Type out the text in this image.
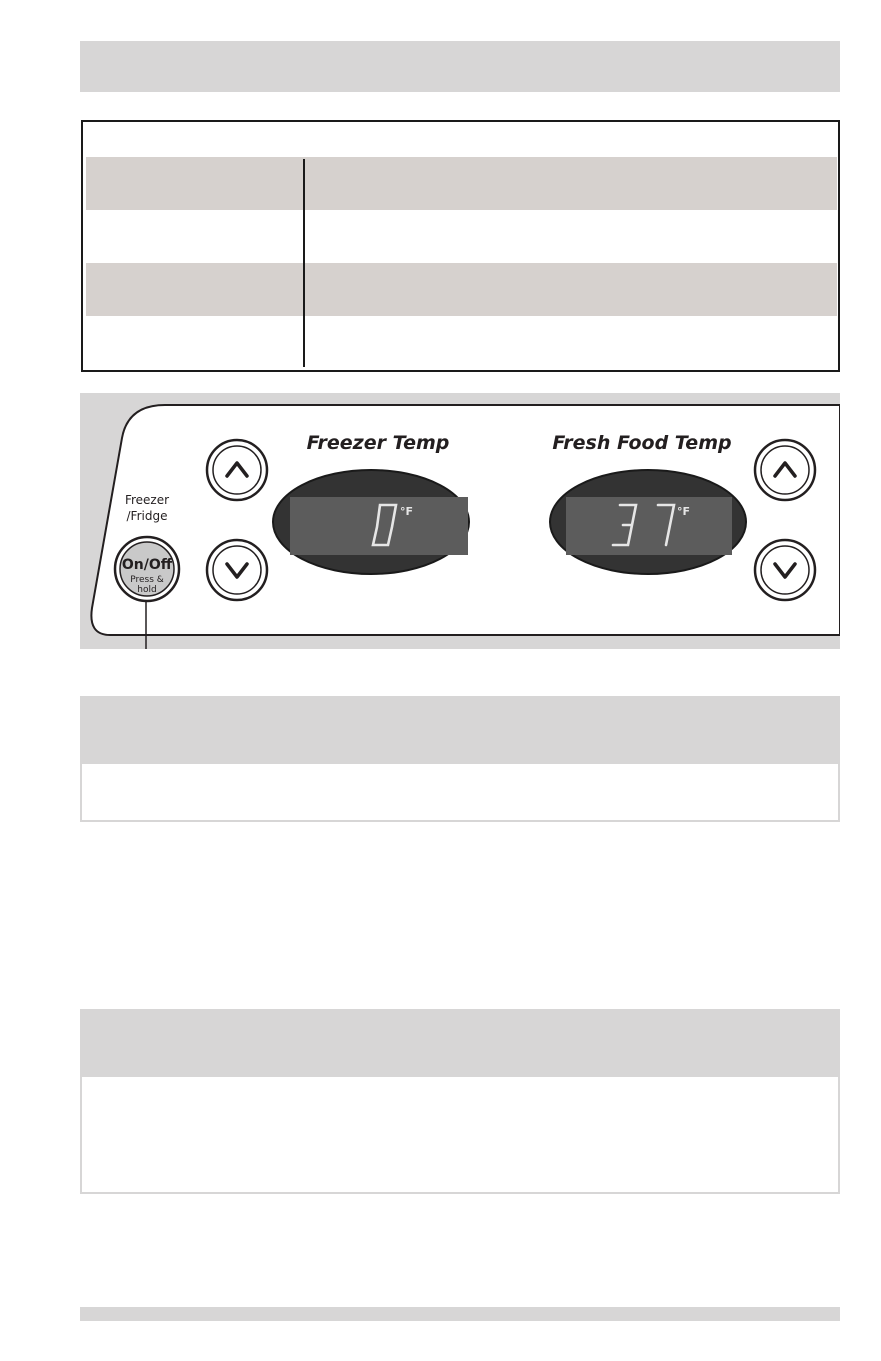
Freezer
/Fridge
On/Off
Press &
hold
Freezer Temp	Fresh Food Temp
°F	°F
